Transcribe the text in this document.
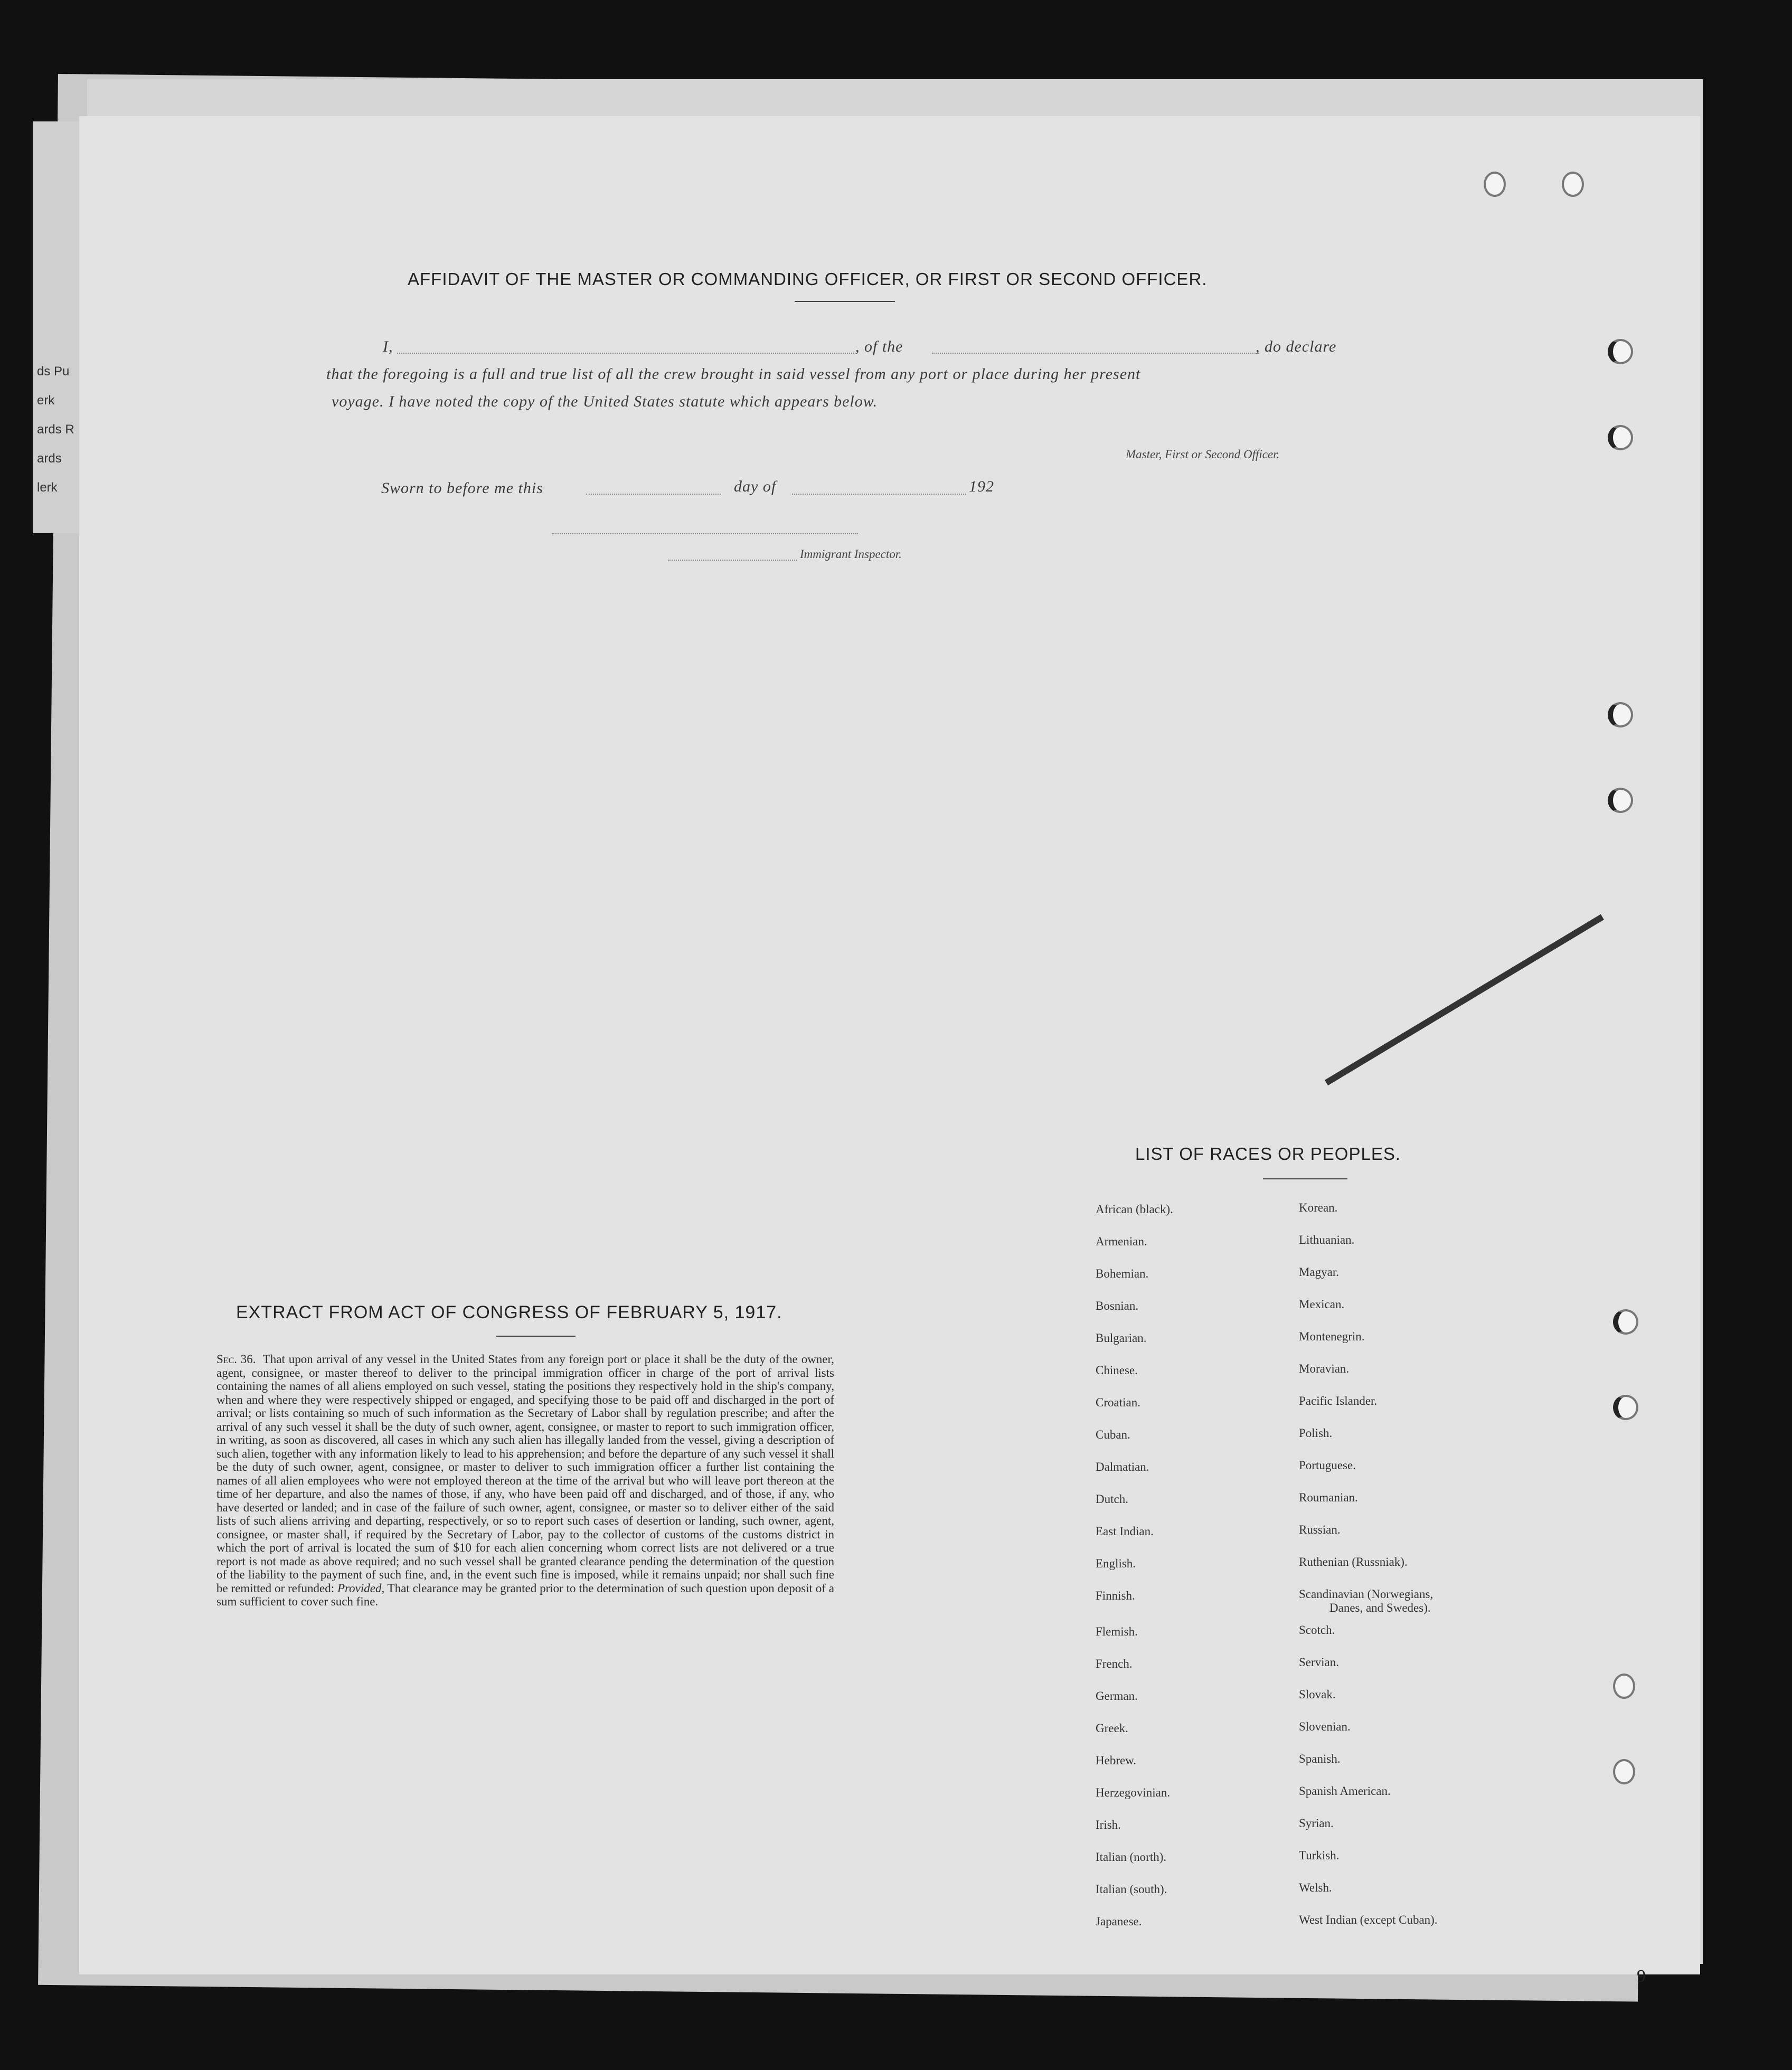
ds Pu
erk
ards R
ards
lerk
AFFIDAVIT OF THE MASTER OR COMMANDING OFFICER, OR FIRST OR SECOND OFFICER.
I,	, of the	, do declare
that the foregoing is a full and true list of all the crew brought in said vessel from any port or place during her present
voyage. I have noted the copy of the United States statute which appears below.
Master, First or Second Officer.
Sworn to before me this	day of	192
Immigrant Inspector.
EXTRACT FROM ACT OF CONGRESS OF FEBRUARY 5, 1917.
Sec. 36. That upon arrival of any vessel in the United States from any foreign port or place it shall be the duty of the owner, agent, consignee, or master thereof to deliver to the principal immigration officer in charge of the port of arrival lists containing the names of all aliens employed on such vessel, stating the positions they respectively hold in the ship's company, when and where they were respectively shipped or engaged, and specifying those to be paid off and discharged in the port of arrival; or lists containing so much of such information as the Secretary of Labor shall by regulation prescribe; and after the arrival of any such vessel it shall be the duty of such owner, agent, consignee, or master to report to such immigration officer, in writing, as soon as discovered, all cases in which any such alien has illegally landed from the vessel, giving a description of such alien, together with any information likely to lead to his apprehension; and before the departure of any such vessel it shall be the duty of such owner, agent, consignee, or master to deliver to such immigration officer a further list containing the names of all alien employees who were not employed thereon at the time of the arrival but who will leave port thereon at the time of her departure, and also the names of those, if any, who have been paid off and discharged, and of those, if any, who have deserted or landed; and in case of the failure of such owner, agent, consignee, or master so to deliver either of the said lists of such aliens arriving and departing, respectively, or so to report such cases of desertion or landing, such owner, agent, consignee, or master shall, if required by the Secretary of Labor, pay to the collector of customs of the customs district in which the port of arrival is located the sum of $10 for each alien concerning whom correct lists are not delivered or a true report is not made as above required; and no such vessel shall be granted clearance pending the determination of the question of the liability to the payment of such fine, and, in the event such fine is imposed, while it remains unpaid; nor shall such fine be remitted or refunded: Provided, That clearance may be granted prior to the determination of such question upon deposit of a sum sufficient to cover such fine.
LIST OF RACES OR PEOPLES.
African (black).
Armenian.
Bohemian.
Bosnian.
Bulgarian.
Chinese.
Croatian.
Cuban.
Dalmatian.
Dutch.
East Indian.
English.
Finnish.
Flemish.
French.
German.
Greek.
Hebrew.
Herzegovinian.
Irish.
Italian (north).
Italian (south).
Japanese.
Korean.
Lithuanian.
Magyar.
Mexican.
Montenegrin.
Moravian.
Pacific Islander.
Polish.
Portuguese.
Roumanian.
Russian.
Ruthenian (Russniak).
Scandinavian (Norwegians,
Danes, and Swedes).
Scotch.
Servian.
Slovak.
Slovenian.
Spanish.
Spanish American.
Syrian.
Turkish.
Welsh.
West Indian (except Cuban).
9
